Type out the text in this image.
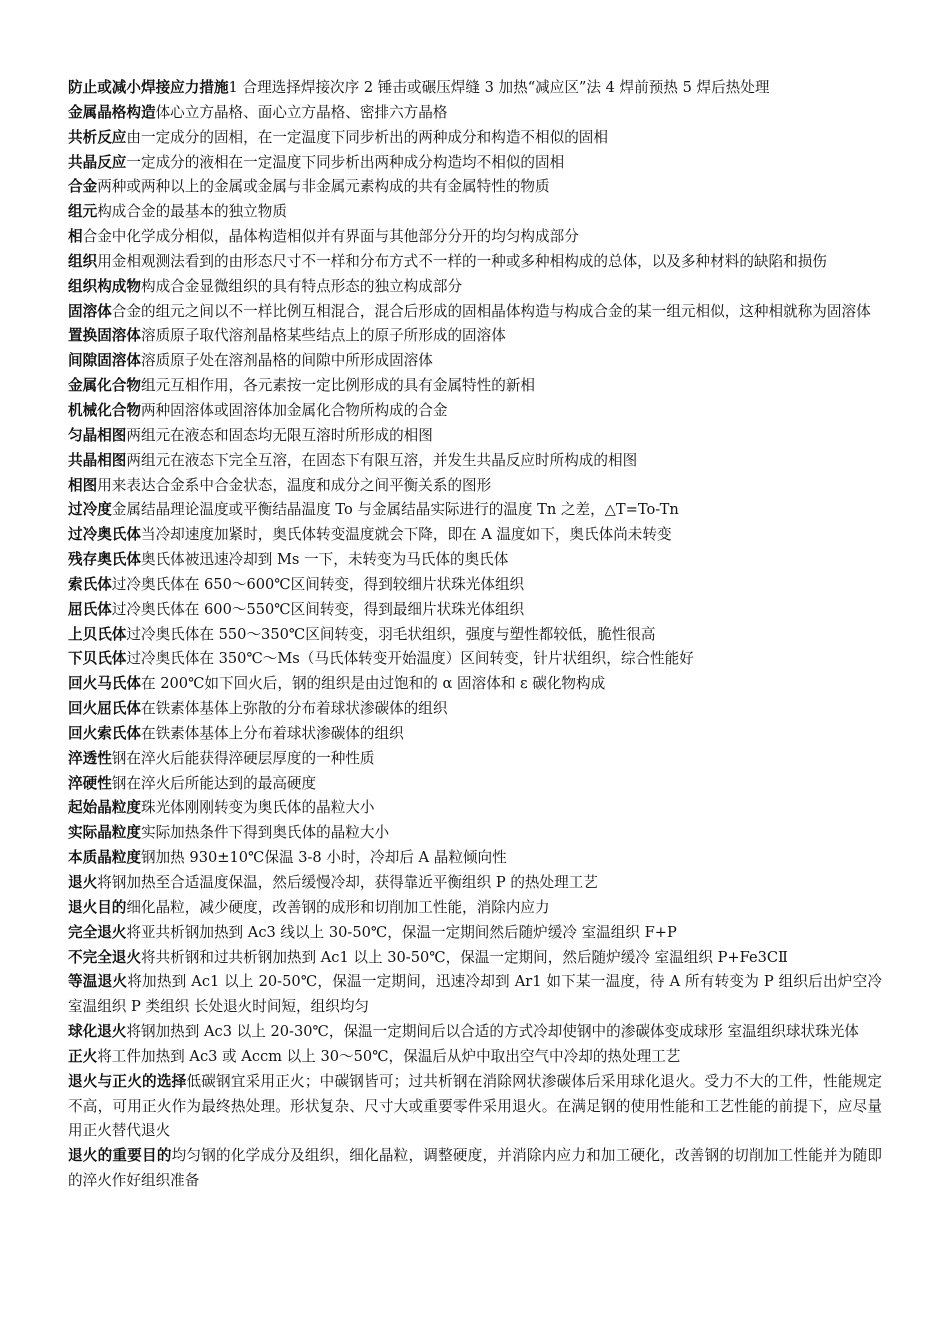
防止或减小焊接应力措施1 合理选择焊接次序 2 锤击或碾压焊缝 3 加热“减应区”法 4 焊前预热 5 焊后热处理

金属晶格构造体心立方晶格、面心立方晶格、密排六方晶格

共析反应由一定成分的固相，在一定温度下同步析出的两种成分和构造不相似的固相

共晶反应一定成分的液相在一定温度下同步析出两种成分构造均不相似的固相

合金两种或两种以上的金属或金属与非金属元素构成的共有金属特性的物质

组元构成合金的最基本的独立物质

相合金中化学成分相似，晶体构造相似并有界面与其他部分分开的均匀构成部分

组织用金相观测法看到的由形态尺寸不一样和分布方式不一样的一种或多种相构成的总体，以及多种材料的缺陷和损伤

组织构成物构成合金显微组织的具有特点形态的独立构成部分

固溶体合金的组元之间以不一样比例互相混合，混合后形成的固相晶体构造与构成合金的某一组元相似，这种相就称为固溶体

置换固溶体溶质原子取代溶剂晶格某些结点上的原子所形成的固溶体

间隙固溶体溶质原子处在溶剂晶格的间隙中所形成固溶体

金属化合物组元互相作用，各元素按一定比例形成的具有金属特性的新相

机械化合物两种固溶体或固溶体加金属化合物所构成的合金

匀晶相图两组元在液态和固态均无限互溶时所形成的相图

共晶相图两组元在液态下完全互溶，在固态下有限互溶，并发生共晶反应时所构成的相图

相图用来表达合金系中合金状态，温度和成分之间平衡关系的图形

过冷度金属结晶理论温度或平衡结晶温度 To 与金属结晶实际进行的温度 Tn 之差，△T=To-Tn

过冷奥氏体当冷却速度加紧时，奥氏体转变温度就会下降，即在 A 温度如下，奥氏体尚未转变

残存奥氏体奥氏体被迅速冷却到 Ms 一下，未转变为马氏体的奥氏体

索氏体过冷奥氏体在 650～600℃区间转变，得到较细片状珠光体组织

屈氏体过冷奥氏体在 600～550℃区间转变，得到最细片状珠光体组织

上贝氏体过冷奥氏体在 550～350℃区间转变，羽毛状组织，强度与塑性都较低，脆性很高

下贝氏体过冷奥氏体在 350℃～Ms（马氏体转变开始温度）区间转变，针片状组织，综合性能好

回火马氏体在 200℃如下回火后，钢的组织是由过饱和的 α 固溶体和 ε 碳化物构成

回火屈氏体在铁素体基体上弥散的分布着球状渗碳体的组织

回火索氏体在铁素体基体上分布着球状渗碳体的组织

淬透性钢在淬火后能获得淬硬层厚度的一种性质

淬硬性钢在淬火后所能达到的最高硬度

起始晶粒度珠光体刚刚转变为奥氏体的晶粒大小

实际晶粒度实际加热条件下得到奥氏体的晶粒大小

本质晶粒度钢加热 930±10℃保温 3-8 小时，冷却后 A 晶粒倾向性

退火将钢加热至合适温度保温，然后缓慢冷却，获得靠近平衡组织 P 的热处理工艺

退火目的细化晶粒，减少硬度，改善钢的成形和切削加工性能，消除内应力

完全退火将亚共析钢加热到 Ac3 线以上 30-50℃，保温一定期间然后随炉缓冷 室温组织 F+P

不完全退火将共析钢和过共析钢加热到 Ac1 以上 30-50℃，保温一定期间，然后随炉缓冷 室温组织 P+Fe3CⅡ

等温退火将加热到 Ac1 以上 20-50℃，保温一定期间，迅速冷却到 Ar1 如下某一温度，待 A 所有转变为 P 组织后出炉空冷 室温组织 P 类组织 长处退火时间短，组织均匀

球化退火将钢加热到 Ac3 以上 20-30℃，保温一定期间后以合适的方式冷却使钢中的渗碳体变成球形 室温组织球状珠光体

正火将工件加热到 Ac3 或 Accm 以上 30～50℃，保温后从炉中取出空气中冷却的热处理工艺

退火与正火的选择低碳钢宜采用正火；中碳钢皆可；过共析钢在消除网状渗碳体后采用球化退火。受力不大的工件，性能规定不高，可用正火作为最终热处理。形状复杂、尺寸大或重要零件采用退火。在满足钢的使用性能和工艺性能的前提下，应尽量用正火替代退火

退火的重要目的均匀钢的化学成分及组织，细化晶粒，调整硬度，并消除内应力和加工硬化，改善钢的切削加工性能并为随即的淬火作好组织准备
